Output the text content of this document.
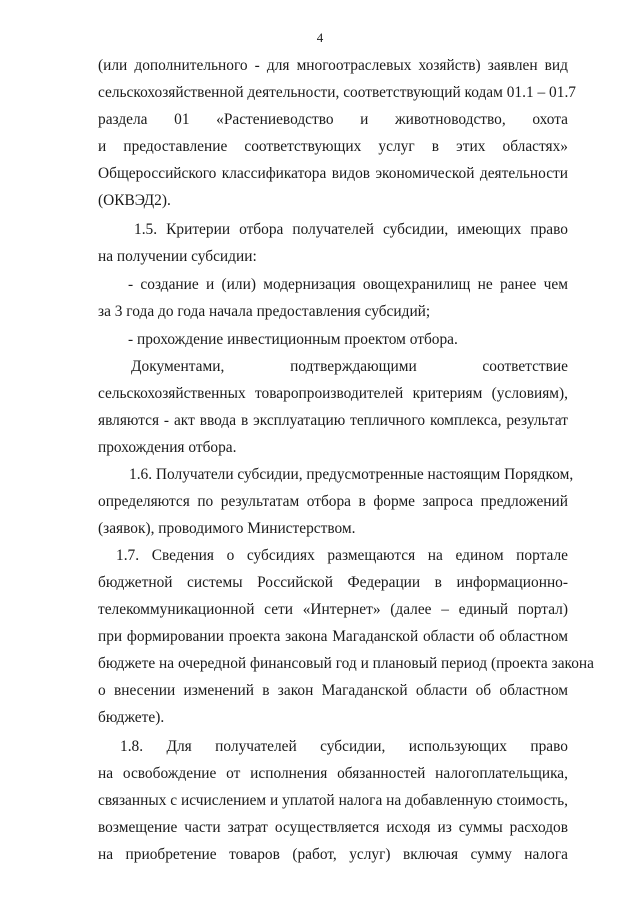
4
(или дополнительного - для многоотраслевых хозяйств) заявлен вид
сельскохозяйственной деятельности, соответствующий кодам 01.1 – 01.7
раздела 01 «Растениеводство и животноводство, охота
и предоставление соответствующих услуг в этих областях»
Общероссийского классификатора видов экономической деятельности
(ОКВЭД2).
1.5. Критерии отбора получателей субсидии, имеющих право
на получении субсидии:
- создание и (или) модернизация овощехранилищ не ранее чем
за 3 года до года начала предоставления субсидий;
- прохождение инвестиционным проектом отбора.
Документами, подтверждающими соответствие
сельскохозяйственных товаропроизводителей критериям (условиям),
являются - акт ввода в эксплуатацию тепличного комплекса, результат
прохождения отбора.
1.6. Получатели субсидии, предусмотренные настоящим Порядком,
определяются по результатам отбора в форме запроса предложений
(заявок), проводимого Министерством.
1.7. Сведения о субсидиях размещаются на едином портале
бюджетной системы Российской Федерации в информационно-
телекоммуникационной сети «Интернет» (далее – единый портал)
при формировании проекта закона Магаданской области об областном
бюджете на очередной финансовый год и плановый период (проекта закона
о внесении изменений в закон Магаданской области об областном
бюджете).
1.8. Для получателей субсидии, использующих право
на освобождение от исполнения обязанностей налогоплательщика,
связанных с исчислением и уплатой налога на добавленную стоимость,
возмещение части затрат осуществляется исходя из суммы расходов
на приобретение товаров (работ, услуг) включая сумму налога
